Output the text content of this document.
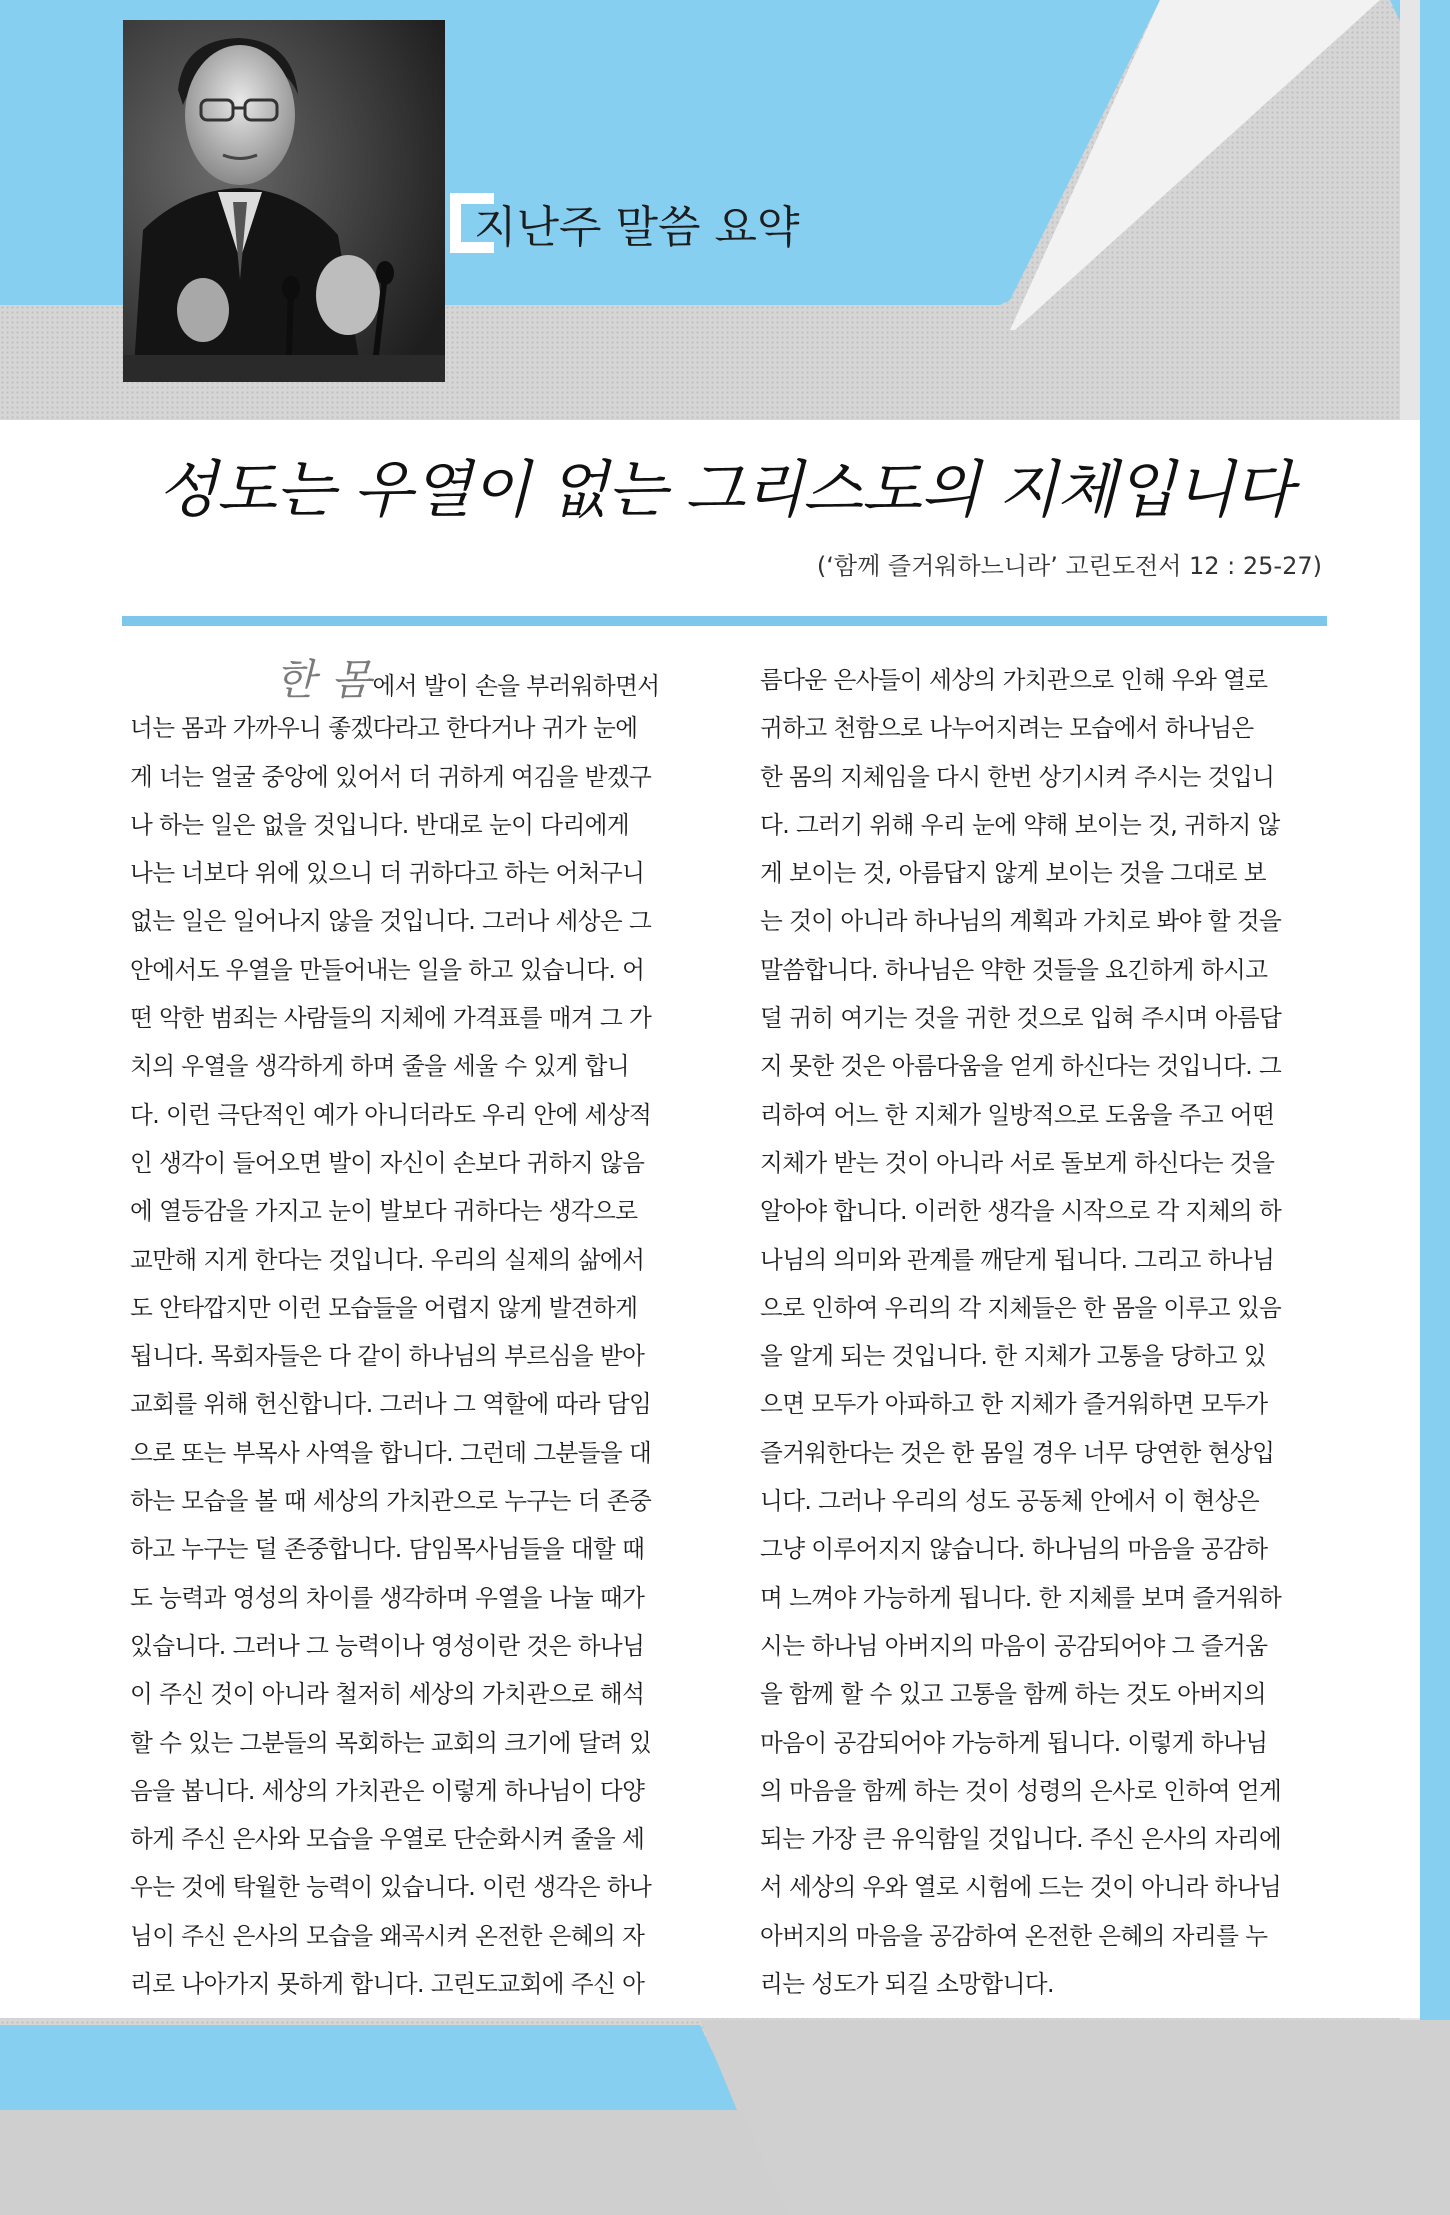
지난주 말씀 요약
성도는 우열이 없는 그리스도의 지체입니다
(‘함께 즐거워하느니라’ 고린도전서 12 : 25-27)
한 몸에서 발이 손을 부러워하면서
너는 몸과 가까우니 좋겠다라고 한다거나 귀가 눈에
게 너는 얼굴 중앙에 있어서 더 귀하게 여김을 받겠구
나 하는 일은 없을 것입니다. 반대로 눈이 다리에게
나는 너보다 위에 있으니 더 귀하다고 하는 어처구니
없는 일은 일어나지 않을 것입니다. 그러나 세상은 그
안에서도 우열을 만들어내는 일을 하고 있습니다. 어
떤 악한 범죄는 사람들의 지체에 가격표를 매겨 그 가
치의 우열을 생각하게 하며 줄을 세울 수 있게 합니
다. 이런 극단적인 예가 아니더라도 우리 안에 세상적
인 생각이 들어오면 발이 자신이 손보다 귀하지 않음
에 열등감을 가지고 눈이 발보다 귀하다는 생각으로
교만해 지게 한다는 것입니다. 우리의 실제의 삶에서
도 안타깝지만 이런 모습들을 어렵지 않게 발견하게
됩니다. 목회자들은 다 같이 하나님의 부르심을 받아
교회를 위해 헌신합니다. 그러나 그 역할에 따라 담임
으로 또는 부목사 사역을 합니다. 그런데 그분들을 대
하는 모습을 볼 때 세상의 가치관으로 누구는 더 존중
하고 누구는 덜 존중합니다. 담임목사님들을 대할 때
도 능력과 영성의 차이를 생각하며 우열을 나눌 때가
있습니다. 그러나 그 능력이나 영성이란 것은 하나님
이 주신 것이 아니라 철저히 세상의 가치관으로 해석
할 수 있는 그분들의 목회하는 교회의 크기에 달려 있
음을 봅니다. 세상의 가치관은 이렇게 하나님이 다양
하게 주신 은사와 모습을 우열로 단순화시켜 줄을 세
우는 것에 탁월한 능력이 있습니다. 이런 생각은 하나
님이 주신 은사의 모습을 왜곡시켜 온전한 은혜의 자
리로 나아가지 못하게 합니다. 고린도교회에 주신 아
름다운 은사들이 세상의 가치관으로 인해 우와 열로
귀하고 천함으로 나누어지려는 모습에서 하나님은
한 몸의 지체임을 다시 한번 상기시켜 주시는 것입니
다. 그러기 위해 우리 눈에 약해 보이는 것, 귀하지 않
게 보이는 것, 아름답지 않게 보이는 것을 그대로 보
는 것이 아니라 하나님의 계획과 가치로 봐야 할 것을
말씀합니다. 하나님은 약한 것들을 요긴하게 하시고
덜 귀히 여기는 것을 귀한 것으로 입혀 주시며 아름답
지 못한 것은 아름다움을 얻게 하신다는 것입니다. 그
리하여 어느 한 지체가 일방적으로 도움을 주고 어떤
지체가 받는 것이 아니라 서로 돌보게 하신다는 것을
알아야 합니다. 이러한 생각을 시작으로 각 지체의 하
나님의 의미와 관계를 깨닫게 됩니다. 그리고 하나님
으로 인하여 우리의 각 지체들은 한 몸을 이루고 있음
을 알게 되는 것입니다. 한 지체가 고통을 당하고 있
으면 모두가 아파하고 한 지체가 즐거워하면 모두가
즐거워한다는 것은 한 몸일 경우 너무 당연한 현상입
니다. 그러나 우리의 성도 공동체 안에서 이 현상은
그냥 이루어지지 않습니다. 하나님의 마음을 공감하
며 느껴야 가능하게 됩니다. 한 지체를 보며 즐거워하
시는 하나님 아버지의 마음이 공감되어야 그 즐거움
을 함께 할 수 있고 고통을 함께 하는 것도 아버지의
마음이 공감되어야 가능하게 됩니다. 이렇게 하나님
의 마음을 함께 하는 것이 성령의 은사로 인하여 얻게
되는 가장 큰 유익함일 것입니다. 주신 은사의 자리에
서 세상의 우와 열로 시험에 드는 것이 아니라 하나님
아버지의 마음을 공감하여 온전한 은혜의 자리를 누
리는 성도가 되길 소망합니다.
